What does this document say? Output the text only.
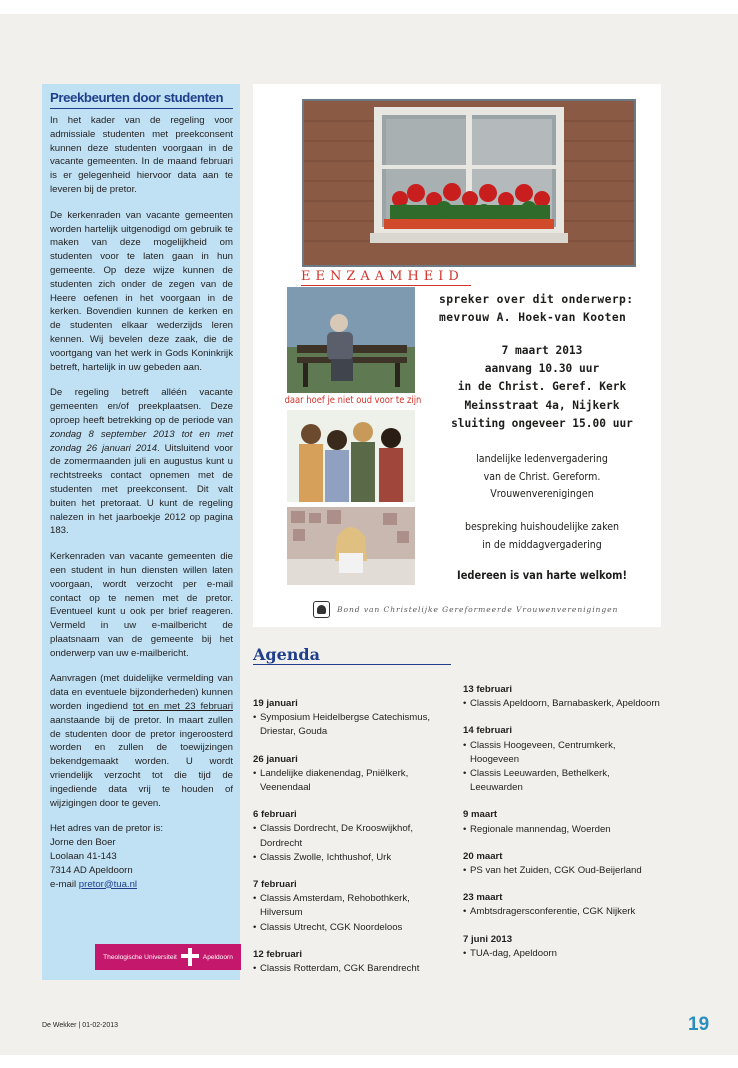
Preekbeurten door studenten

In het kader van de regeling voor admissiale studenten met preekconsent kunnen deze studenten voorgaan in de vacante gemeenten. In de maand februari is er gelegenheid hiervoor data aan te leveren bij de pretor.

De kerkenraden van vacante gemeenten worden hartelijk uitgenodigd om gebruik te maken van deze mogelijkheid om studenten voor te laten gaan in hun gemeente. Op deze wijze kunnen de studenten zich onder de zegen van de Heere oefenen in het voorgaan in de kerken. Bovendien kunnen de kerken en de studenten elkaar wederzijds leren kennen. Wij bevelen deze zaak, die de voortgang van het werk in Gods Koninkrijk betreft, hartelijk in uw gebeden aan.

De regeling betreft alléén vacante gemeenten en/of preekplaatsen. Deze oproep heeft betrekking op de periode van zondag 8 september 2013 tot en met zondag 26 januari 2014. Uitsluitend voor de zomermaanden juli en augustus kunt u rechtstreeks contact opnemen met de studenten met preekconsent. Dit valt buiten het pretoraat. U kunt de regeling nalezen in het jaarboekje 2012 op pagina 183.

Kerkenraden van vacante gemeenten die een student in hun diensten willen laten voorgaan, wordt verzocht per e-mail contact op te nemen met de pretor. Eventueel kunt u ook per brief reageren. Vermeld in uw e-mailbericht de plaatsnaam van de gemeente bij het onderwerp van uw e-mailbericht.

Aanvragen (met duidelijke vermelding van data en eventuele bijzonderheden) kunnen worden ingediend tot en met 23 februari aanstaande bij de pretor. In maart zullen de studenten door de pretor ingeroosterd worden en zullen de toewijzingen bekendgemaakt worden. U wordt vriendelijk verzocht tot die tijd de ingediende data vrij te houden of wijzigingen door te geven.

Het adres van de pretor is:
Jorne den Boer
Loolaan 41-143
7314 AD Apeldoorn
e-mail pretor@tua.nl
Theologische Universiteit	Apeldoorn
EENZAAMHEID
daar hoef je niet oud voor te zijn
spreker over dit onderwerp:
mevrouw A. Hoek-van Kooten
7 maart 2013
aanvang 10.30 uur
in de Christ. Geref. Kerk
Meinsstraat 4a, Nijkerk
sluiting ongeveer 15.00 uur
landelijke ledenvergadering
van de Christ. Gereform.
Vrouwenverenigingen
bespreking huishoudelijke zaken
in de middagvergadering
Iedereen is van harte welkom!
Bond van Christelijke Gereformeerde Vrouwenverenigingen
Agenda
19 januari
• Symposium Heidelbergse Catechismus, Driestar, Gouda
26 januari
• Landelijke diakenendag, Pniëlkerk, Veenendaal
6 februari
• Classis Dordrecht, De Krooswijkhof, Dordrecht
• Classis Zwolle, Ichthushof, Urk
7 februari
• Classis Amsterdam, Rehobothkerk, Hilversum
• Classis Utrecht, CGK Noordeloos
12 februari
• Classis Rotterdam, CGK Barendrecht
13 februari
• Classis Apeldoorn, Barnabaskerk, Apeldoorn
14 februari
• Classis Hoogeveen, Centrumkerk, Hoogeveen
• Classis Leeuwarden, Bethelkerk, Leeuwarden
9 maart
• Regionale mannendag, Woerden
20 maart
• PS van het Zuiden, CGK Oud-Beijerland
23 maart
• Ambtsdragersconferentie, CGK Nijkerk
7 juni 2013
• TUA-dag, Apeldoorn
De Wekker | 01-02-2013	19
